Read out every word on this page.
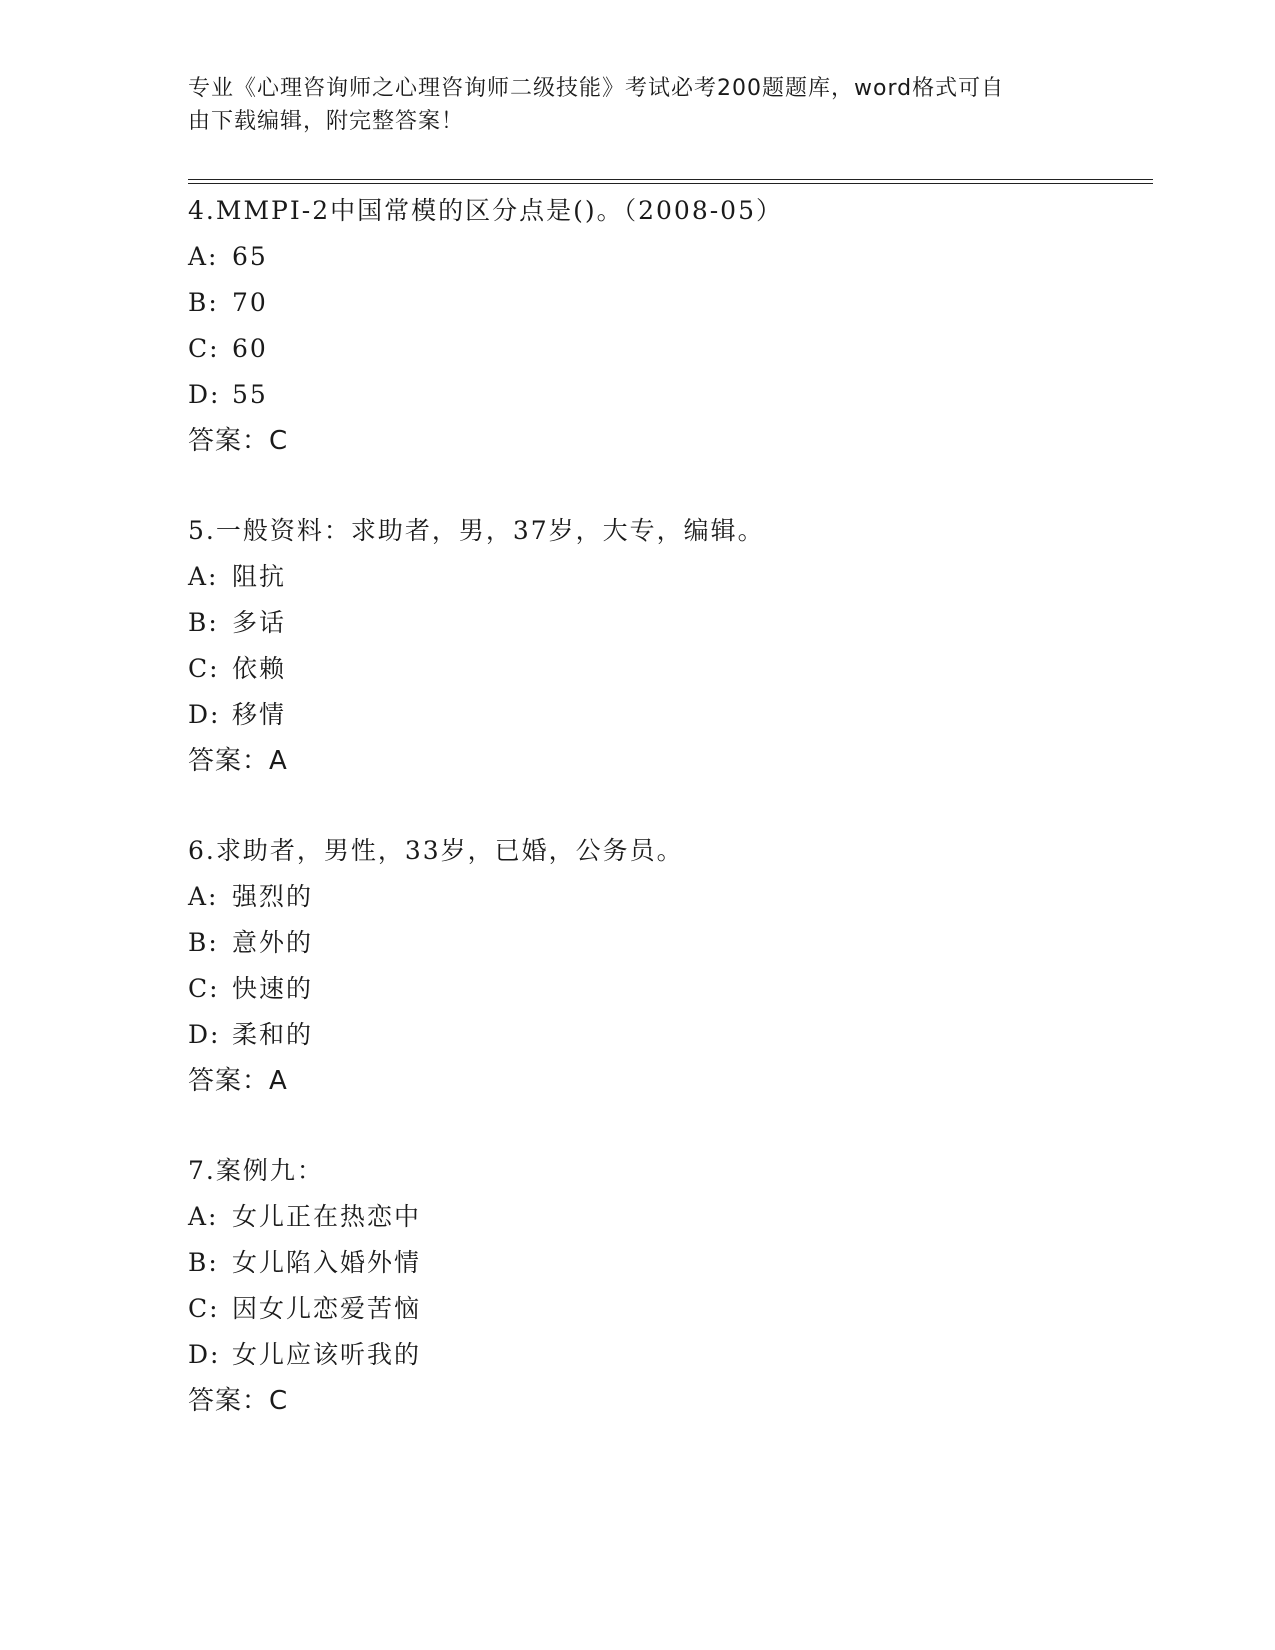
专业《心理咨询师之心理咨询师二级技能》考试必考200题题库，word格式可自
由下载编辑，附完整答案！
4.MMPI-2中国常模的区分点是()。（2008-05）
A: 65
B: 70
C: 60
D: 55
答案：C
5.一般资料：求助者，男，37岁，大专，编辑。
A: 阻抗
B: 多话
C: 依赖
D: 移情
答案：A
6.求助者，男性，33岁，已婚，公务员。
A: 强烈的
B: 意外的
C: 快速的
D: 柔和的
答案：A
7.案例九：
A: 女儿正在热恋中
B: 女儿陷入婚外情
C: 因女儿恋爱苦恼
D: 女儿应该听我的
答案：C
